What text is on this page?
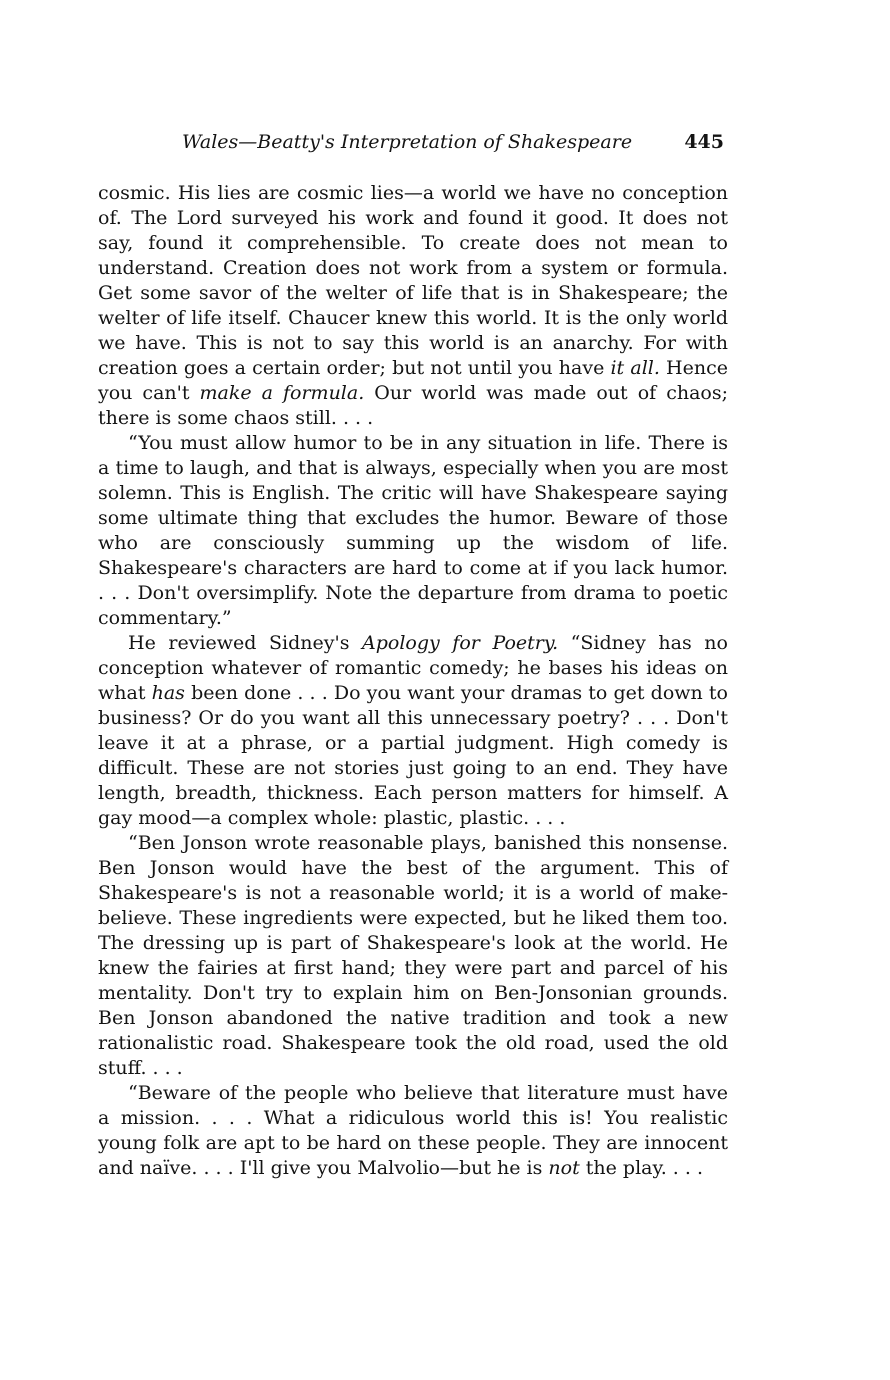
Wales—Beatty's Interpretation of Shakespeare	445

cosmic. His lies are cosmic lies—a world we have no conception of. The Lord surveyed his work and found it good. It does not say, found it comprehensible. To create does not mean to understand. Creation does not work from a system or formula. Get some savor of the welter of life that is in Shakespeare; the welter of life itself. Chaucer knew this world. It is the only world we have. This is not to say this world is an anarchy. For with creation goes a certain order; but not until you have it all. Hence you can't make a formula. Our world was made out of chaos; there is some chaos still. . . .

“You must allow humor to be in any situation in life. There is a time to laugh, and that is always, especially when you are most solemn. This is English. The critic will have Shakespeare saying some ultimate thing that excludes the humor. Beware of those who are consciously summing up the wisdom of life. Shakespeare's characters are hard to come at if you lack humor. . . . Don't oversimplify. Note the departure from drama to poetic commentary.”

He reviewed Sidney's Apology for Poetry. “Sidney has no conception whatever of romantic comedy; he bases his ideas on what has been done . . . Do you want your dramas to get down to business? Or do you want all this unnecessary poetry? . . . Don't leave it at a phrase, or a partial judgment. High comedy is difficult. These are not stories just going to an end. They have length, breadth, thickness. Each person matters for himself. A gay mood—a complex whole: plastic, plastic. . . .

“Ben Jonson wrote reasonable plays, banished this nonsense. Ben Jonson would have the best of the argument. This of Shakespeare's is not a reasonable world; it is a world of make-believe. These ingredients were expected, but he liked them too. The dressing up is part of Shakespeare's look at the world. He knew the fairies at first hand; they were part and parcel of his mentality. Don't try to explain him on Ben-Jonsonian grounds. Ben Jonson abandoned the native tradition and took a new rationalistic road. Shakespeare took the old road, used the old stuff. . . .

“Beware of the people who believe that literature must have a mission. . . . What a ridiculous world this is! You realistic young folk are apt to be hard on these people. They are innocent and naïve. . . . I'll give you Malvolio—but he is not the play. . . .
